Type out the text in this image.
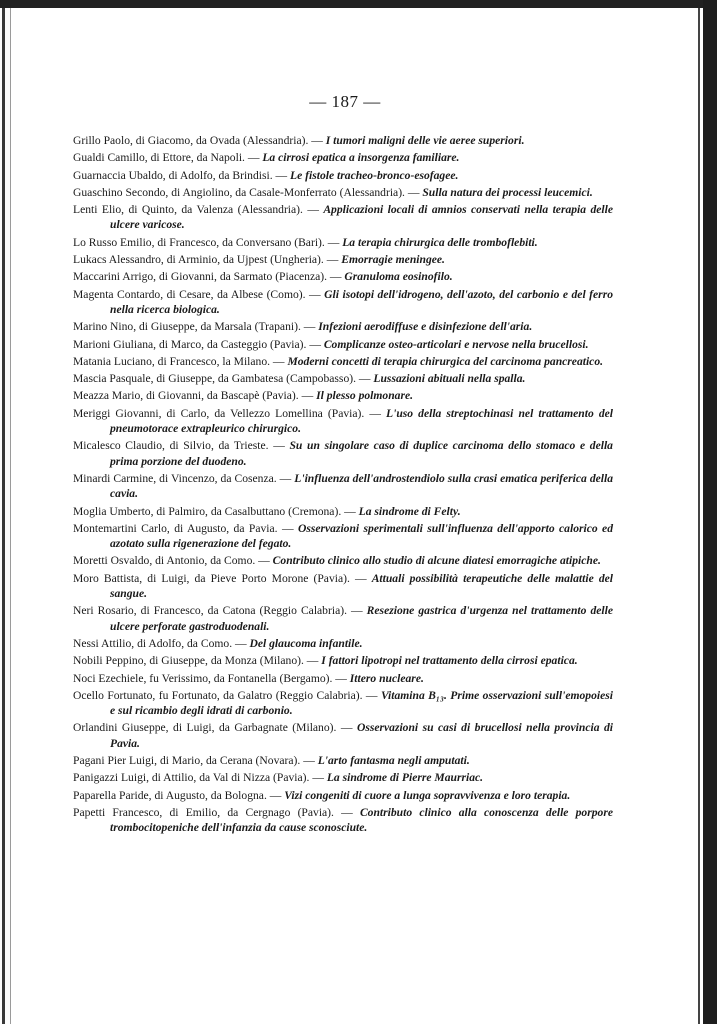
— 187 —

Grillo Paolo, di Giacomo, da Ovada (Alessandria). — I tumori maligni delle vie aeree superiori.

Gualdi Camillo, di Ettore, da Napoli. — La cirrosi epatica a insorgenza familiare.

Guarnaccia Ubaldo, di Adolfo, da Brindisi. — Le fistole tracheo-bronco-esofagee.

Guaschino Secondo, di Angiolino, da Casale-Monferrato (Alessandria). — Sulla natura dei processi leucemici.

Lenti Elio, di Quinto, da Valenza (Alessandria). — Applicazioni locali di amnios conservati nella terapia delle ulcere varicose.

Lo Russo Emilio, di Francesco, da Conversano (Bari). — La terapia chirurgica delle tromboflebiti.

Lukacs Alessandro, di Arminio, da Ujpest (Ungheria). — Emorragie meningee.

Maccarini Arrigo, di Giovanni, da Sarmato (Piacenza). — Granuloma eosinofilo.

Magenta Contardo, di Cesare, da Albese (Como). — Gli isotopi dell'idrogeno, dell'azoto, del carbonio e del ferro nella ricerca biologica.

Marino Nino, di Giuseppe, da Marsala (Trapani). — Infezioni aerodiffuse e disinfezione dell'aria.

Marioni Giuliana, di Marco, da Casteggio (Pavia). — Complicanze osteo-articolari e nervose nella brucellosi.

Matania Luciano, di Francesco, la Milano. — Moderni concetti di terapia chirurgica del carcinoma pancreatico.

Mascia Pasquale, di Giuseppe, da Gambatesa (Campobasso). — Lussazioni abituali nella spalla.

Meazza Mario, di Giovanni, da Bascapè (Pavia). — Il plesso polmonare.

Meriggi Giovanni, di Carlo, da Vellezzo Lomellina (Pavia). — L'uso della streptochinasi nel trattamento del pneumotorace extrapleurico chirurgico.

Micalesco Claudio, di Silvio, da Trieste. — Su un singolare caso di duplice carcinoma dello stomaco e della prima porzione del duodeno.

Minardi Carmine, di Vincenzo, da Cosenza. — L'influenza dell'androstendiolo sulla crasi ematica periferica della cavia.

Moglia Umberto, di Palmiro, da Casalbuttano (Cremona). — La sindrome di Felty.

Montemartini Carlo, di Augusto, da Pavia. — Osservazioni sperimentali sull'influenza dell'apporto calorico ed azotato sulla rigenerazione del fegato.

Moretti Osvaldo, di Antonio, da Como. — Contributo clinico allo studio di alcune diatesi emorragiche atipiche.

Moro Battista, di Luigi, da Pieve Porto Morone (Pavia). — Attuali possibilità terapeutiche delle malattie del sangue.

Neri Rosario, di Francesco, da Catona (Reggio Calabria). — Resezione gastrica d'urgenza nel trattamento delle ulcere perforate gastroduodenali.

Nessi Attilio, di Adolfo, da Como. — Del glaucoma infantile.

Nobili Peppino, di Giuseppe, da Monza (Milano). — I fattori lipotropi nel trattamento della cirrosi epatica.

Noci Ezechiele, fu Verissimo, da Fontanella (Bergamo). — Ittero nucleare.

Ocello Fortunato, fu Fortunato, da Galatro (Reggio Calabria). — Vitamina B₁₃. Prime osservazioni sull'emopoiesi e sul ricambio degli idrati di carbonio.

Orlandini Giuseppe, di Luigi, da Garbagnate (Milano). — Osservazioni su casi di brucellosi nella provincia di Pavia.

Pagani Pier Luigi, di Mario, da Cerana (Novara). — L'arto fantasma negli amputati.

Panigazzi Luigi, di Attilio, da Val di Nizza (Pavia). — La sindrome di Pierre Maurriac.

Paparella Paride, di Augusto, da Bologna. — Vizi congeniti di cuore a lunga sopravvivenza e loro terapia.

Papetti Francesco, di Emilio, da Cergnago (Pavia). — Contributo clinico alla conoscenza delle porpore trombocitopeniche dell'infanzia da cause sconosciute.
